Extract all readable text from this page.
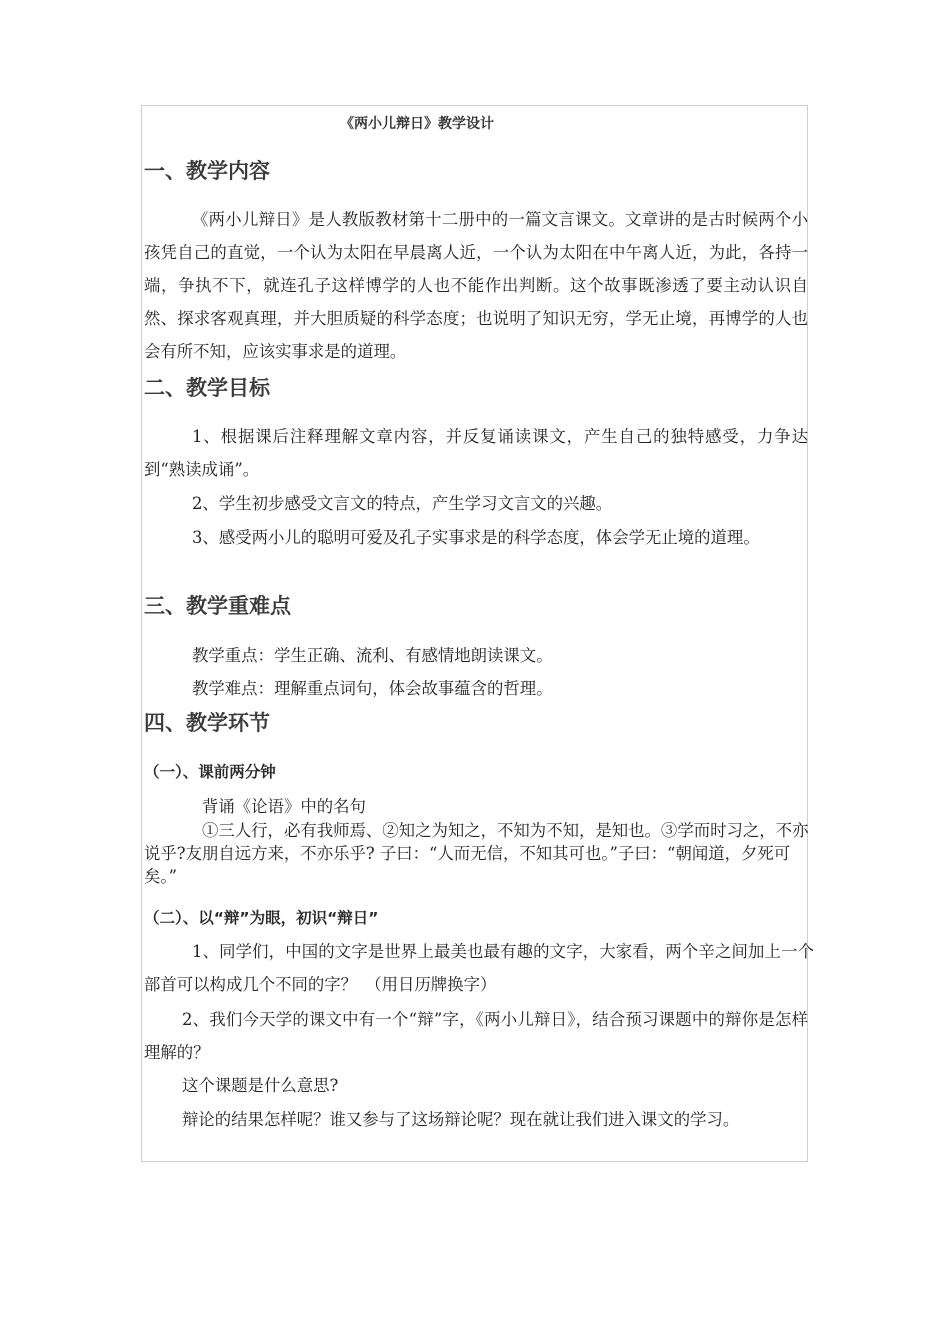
《两小儿辩日》教学设计
一、教学内容
《两小儿辩日》是人教版教材第十二册中的一篇文言课文。文章讲的是古时候两个小孩凭自己的直觉，一个认为太阳在早晨离人近，一个认为太阳在中午离人近，为此，各持一端，争执不下，就连孔子这样博学的人也不能作出判断。这个故事既渗透了要主动认识自然、探求客观真理，并大胆质疑的科学态度；也说明了知识无穷，学无止境，再博学的人也会有所不知，应该实事求是的道理。
二、教学目标
1、根据课后注释理解文章内容，并反复诵读课文，产生自己的独特感受，力争达到“熟读成诵”。
2、学生初步感受文言文的特点，产生学习文言文的兴趣。
3、感受两小儿的聪明可爱及孔子实事求是的科学态度，体会学无止境的道理。
三、教学重难点
教学重点：学生正确、流利、有感情地朗读课文。
教学难点：理解重点词句，体会故事蕴含的哲理。
四、教学环节
（一）、课前两分钟
背诵《论语》中的名句
①三人行，必有我师焉、②知之为知之，不知为不知，是知也。③学而时习之，不亦说乎?友朋自远方来，不亦乐乎? 子曰：“人而无信，不知其可也。”子曰：“朝闻道，夕死可矣。”
（二）、以“辩”为眼，初识“辩日”
1、同学们，中国的文字是世界上最美也最有趣的文字，大家看，两个辛之间加上一个部首可以构成几个不同的字？　（用日历牌换字）
2、我们今天学的课文中有一个“辩”字，《两小儿辩日》，结合预习课题中的辩你是怎样理解的？
这个课题是什么意思?
辩论的结果怎样呢？谁又参与了这场辩论呢？现在就让我们进入课文的学习。
